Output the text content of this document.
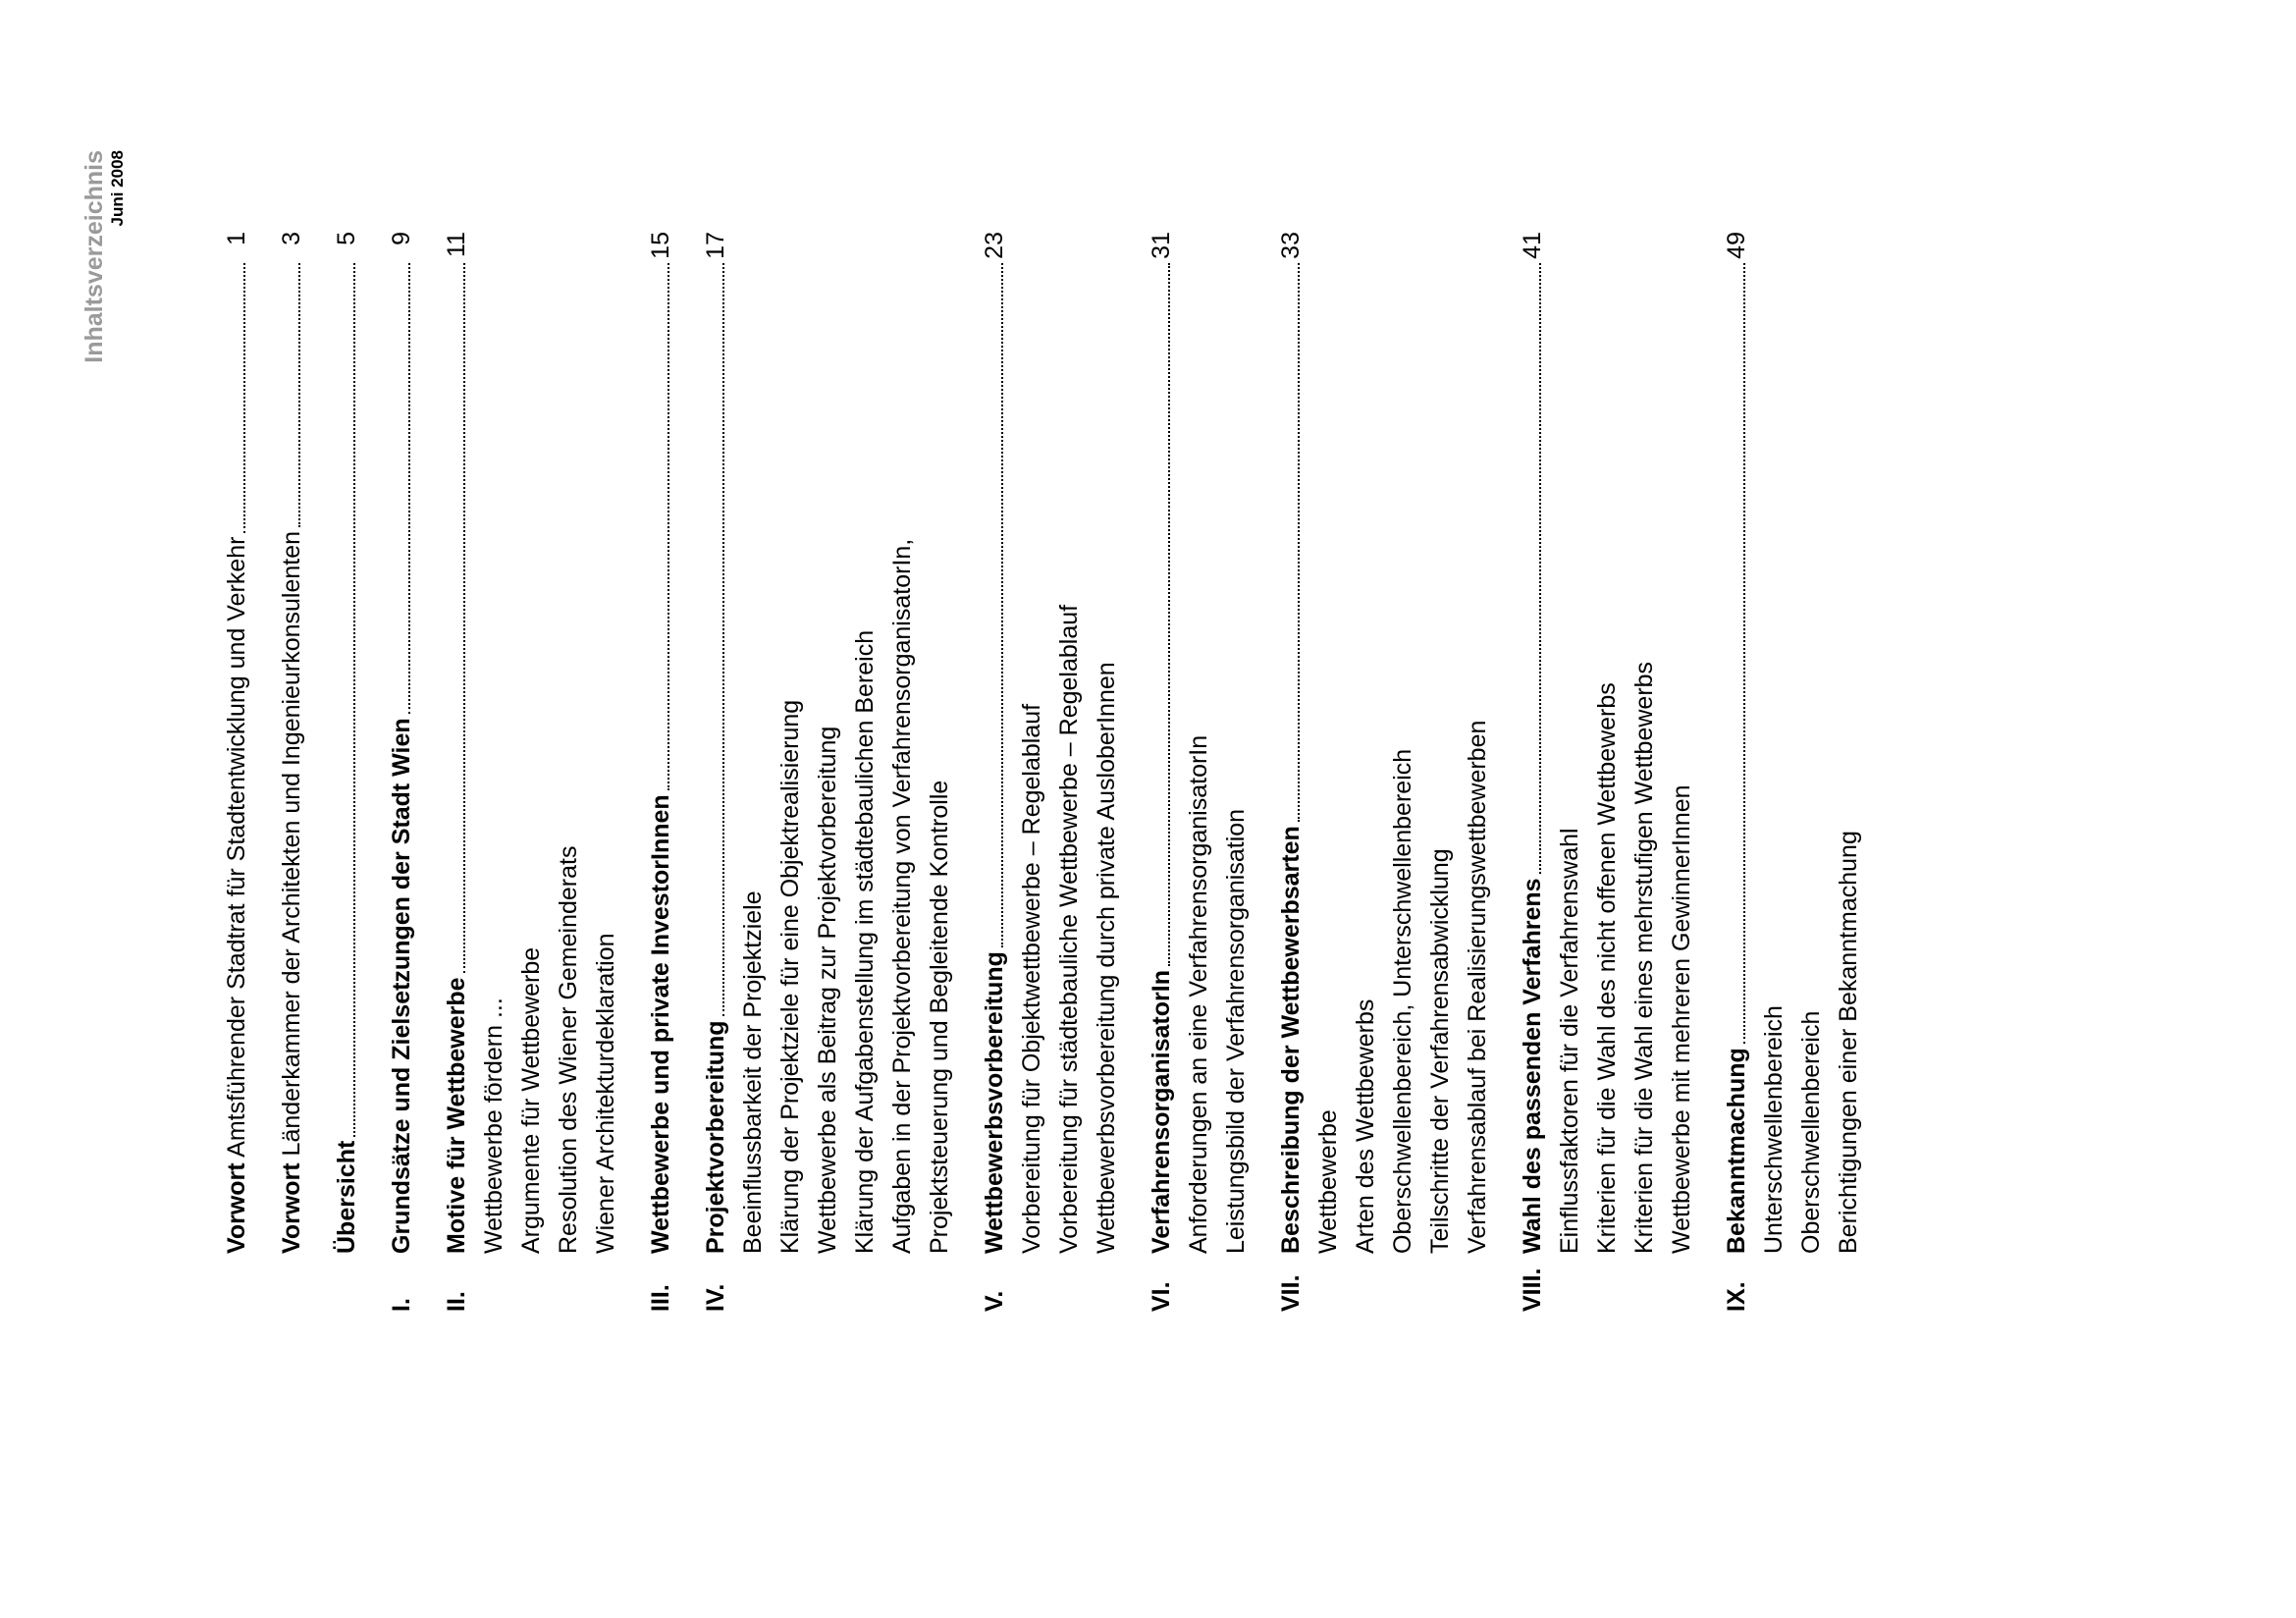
Inhaltsverzeichnis Juni 2008
Vorwort Amtsführender Stadtrat für Stadtentwicklung und Verkehr
1
Vorwort Länderkammer der Architekten und Ingenieurkonsulenten
3
Übersicht
5
I.
Grundsätze und Zielsetzungen der Stadt Wien
9
II.
Motive für Wettbewerbe
11
Wettbewerbe fördern ... Argumente für Wettbewerbe Resolution des Wiener Gemeinderats Wiener Architekturdeklaration
III.
Wettbewerbe und private InvestorInnen
15
IV.
Projektvorbereitung
17
Beeinflussbarkeit der Projektziele Klärung der Projektziele für eine Objektrealisierung Wettbewerbe als Beitrag zur Projektvorbereitung Klärung der Aufgabenstellung im städtebaulichen Bereich Aufgaben in der Projektvorbereitung von VerfahrensorganisatorIn, Projektsteuerung und Begleitende Kontrolle
V.
Wettbewerbsvorbereitung
23
Vorbereitung für Objektwettbewerbe – Regelablauf Vorbereitung für städtebauliche Wettbewerbe – Regelablauf Wettbewerbsvorbereitung durch private AusloberInnen
VI.
VerfahrensorganisatorIn
31
Anforderungen an eine VerfahrensorganisatorIn Leistungsbild der Verfahrensorganisation
VII.
Beschreibung der Wettbewerbsarten
33
Wettbewerbe Arten des Wettbewerbs Oberschwellenbereich, Unterschwellenbereich Teilschritte der Verfahrensabwicklung Verfahrensablauf bei Realisierungswettbewerben
VIII.
Wahl des passenden Verfahrens
41
Einflussfaktoren für die Verfahrenswahl Kriterien für die Wahl des nicht offenen Wettbewerbs Kriterien für die Wahl eines mehrstufigen Wettbewerbs Wettbewerbe mit mehreren GewinnerInnen
IX.
Bekanntmachung
49
Unterschwellenbereich Oberschwellenbereich Berichtigungen einer Bekanntmachung
